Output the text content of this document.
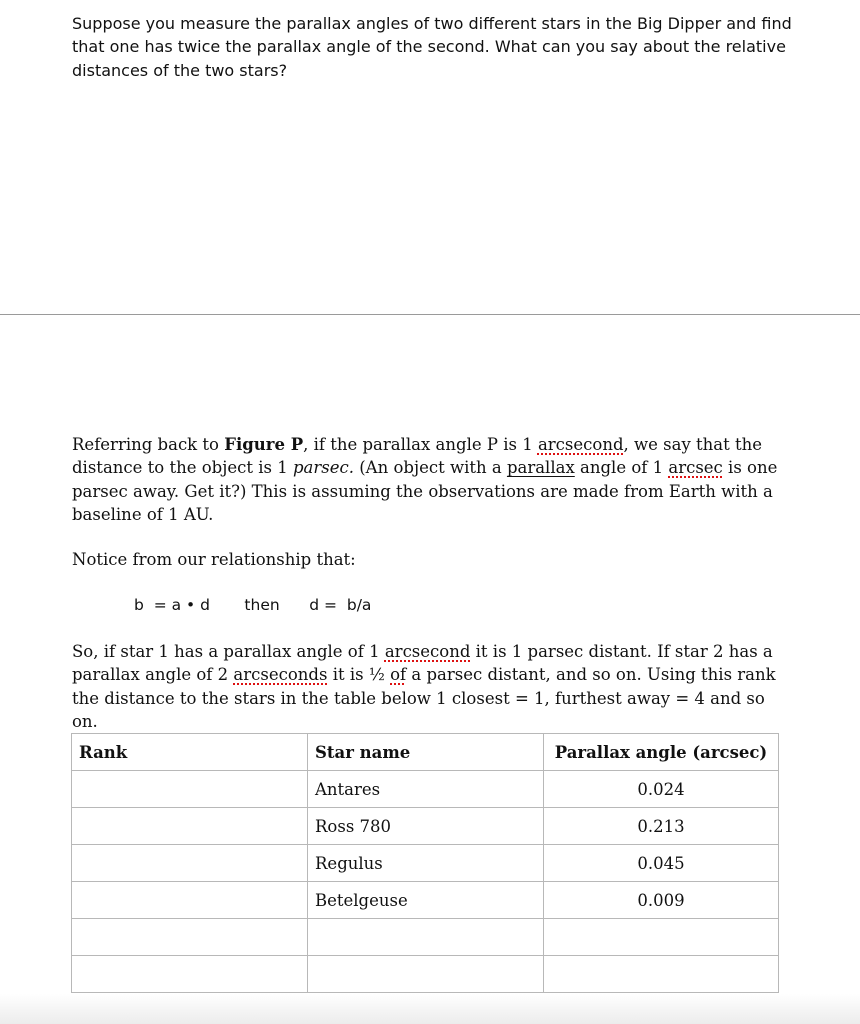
Suppose you measure the parallax angles of two different stars in the Big Dipper and find that one has twice the parallax angle of the second. What can you say about the relative distances of the two stars?

Referring back to Figure P, if the parallax angle P is 1 arcsecond, we say that the distance to the object is 1 parsec. (An object with a parallax angle of 1 arcsec is one parsec away. Get it?) This is assuming the observations are made from Earth with a baseline of 1 AU.

Notice from our relationship that:

b  = a • d       then      d =  b/a

So, if star 1 has a parallax angle of 1 arcsecond it is 1 parsec distant. If star 2 has a parallax angle of 2 arcseconds it is ½ of a parsec distant, and so on. Using this rank the distance to the stars in the table below 1 closest = 1, furthest away = 4 and so on.

Rank	Star name	Parallax angle (arcsec)
	Antares	0.024
	Ross 780	0.213
	Regulus	0.045
	Betelgeuse	0.009
